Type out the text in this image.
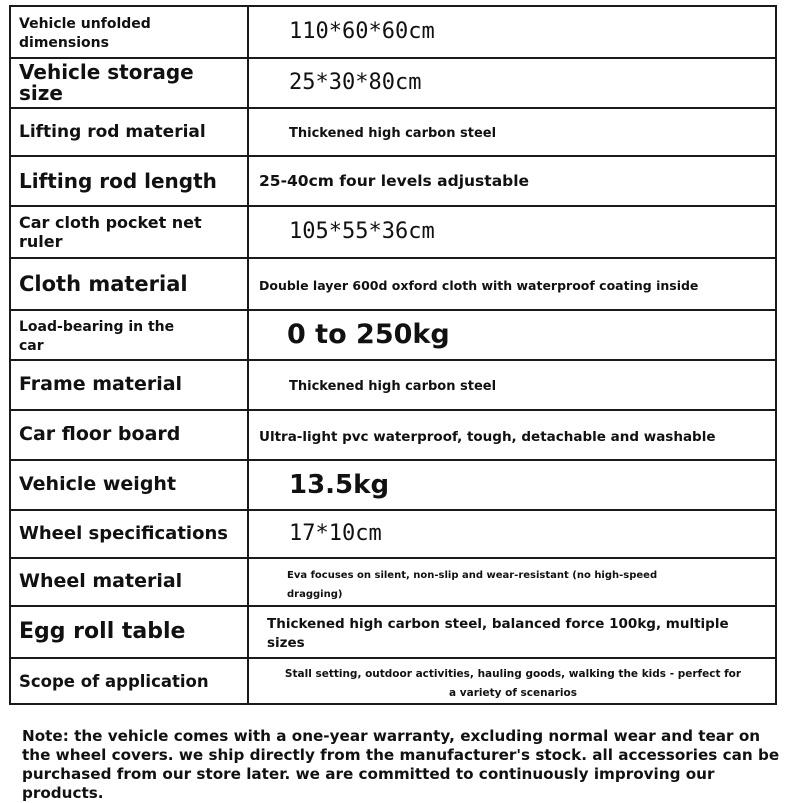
Vehicle unfolded dimensions	110*60*60cm
Vehicle storage size	25*30*80cm
Lifting rod material	Thickened high carbon steel
Lifting rod length	25-40cm four levels adjustable
Car cloth pocket net ruler	105*55*36cm
Cloth material	Double layer 600d oxford cloth with waterproof coating inside
Load-bearing in the car	0 to 250kg
Frame material	Thickened high carbon steel
Car floor board	Ultra-light pvc waterproof, tough, detachable and washable
Vehicle weight	13.5kg
Wheel specifications	17*10cm
Wheel material	Eva focuses on silent, non-slip and wear-resistant (no high-speed dragging)
Egg roll table	Thickened high carbon steel, balanced force 100kg, multiple sizes
Scope of application	Stall setting, outdoor activities, hauling goods, walking the kids - perfect for a variety of scenarios
Note: the vehicle comes with a one-year warranty, excluding normal wear and tear on the wheel covers. we ship directly from the manufacturer's stock. all accessories can be purchased from our store later. we are committed to continuously improving our products.
